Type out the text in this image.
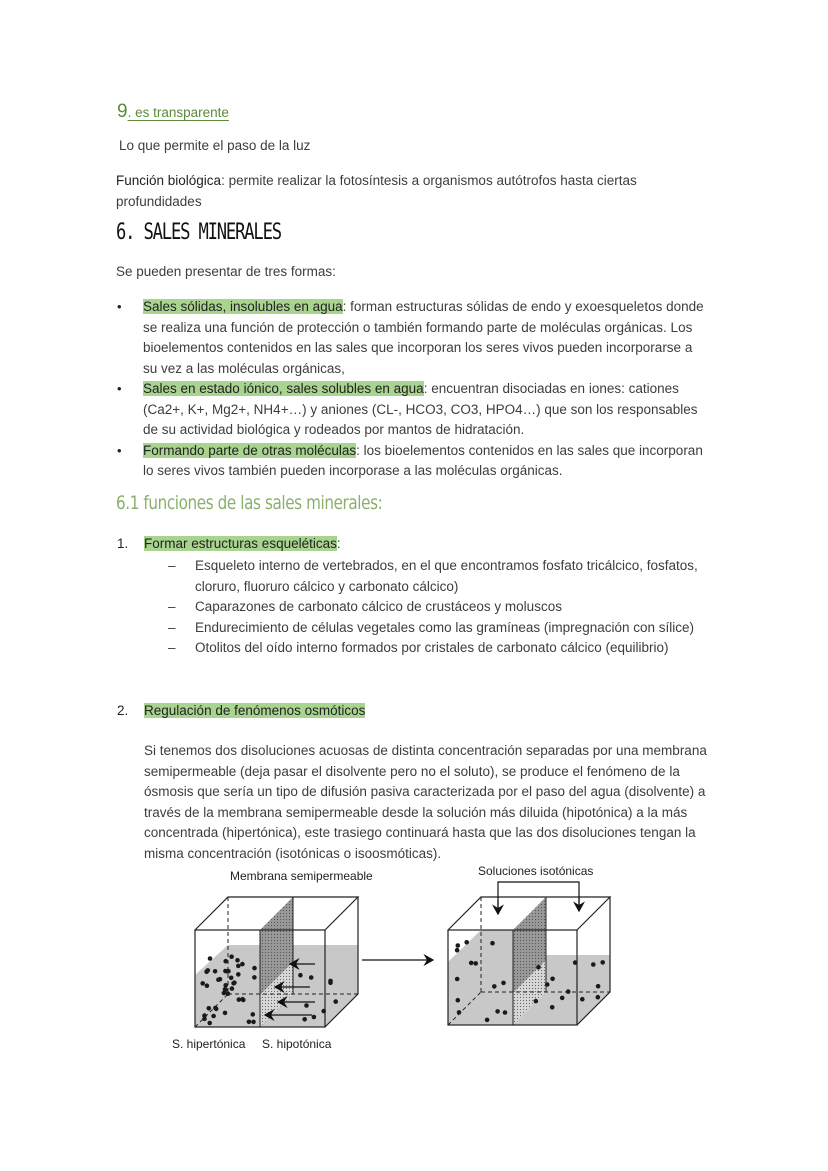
9. es transparente
Lo que permite el paso de la luz
Función biológica: permite realizar la fotosíntesis a organismos autótrofos hasta ciertas profundidades
6. SALES MINERALES
Se pueden presentar de tres formas:
• Sales sólidas, insolubles en agua: forman estructuras sólidas de endo y exoesqueletos donde se realiza una función de protección o también formando parte de moléculas orgánicas. Los bioelementos contenidos en las sales que incorporan los seres vivos pueden incorporarse a su vez a las moléculas orgánicas,
• Sales en estado iónico, sales solubles en agua: encuentran disociadas en iones: cationes (Ca2+, K+, Mg2+, NH4+…) y aniones (CL-, HCO3, CO3, HPO4…) que son los responsables de su actividad biológica y rodeados por mantos de hidratación.
• Formando parte de otras moléculas: los bioelementos contenidos en las sales que incorporan lo seres vivos también pueden incorporase a las moléculas orgánicas.
6.1 funciones de las sales minerales:
1. Formar estructuras esqueléticas:
– Esqueleto interno de vertebrados, en el que encontramos fosfato tricálcico, fosfatos, cloruro, fluoruro cálcico y carbonato cálcico)
– Caparazones de carbonato cálcico de crustáceos y moluscos
– Endurecimiento de células vegetales como las gramíneas (impregnación con sílice)
– Otolitos del oído interno formados por cristales de carbonato cálcico (equilibrio)
2. Regulación de fenómenos osmóticos
Si tenemos dos disoluciones acuosas de distinta concentración separadas por una membrana semipermeable (deja pasar el disolvente pero no el soluto), se produce el fenómeno de la ósmosis que sería un tipo de difusión pasiva caracterizada por el paso del agua (disolvente) a través de la membrana semipermeable desde la solución más diluida (hipotónica) a la más concentrada (hipertónica), este trasiego continuará hasta que las dos disoluciones tengan la misma concentración (isotónicas o isoosmóticas).
Membrana semipermeable	Soluciones isotónicas
S. hipertónica S. hipotónica
